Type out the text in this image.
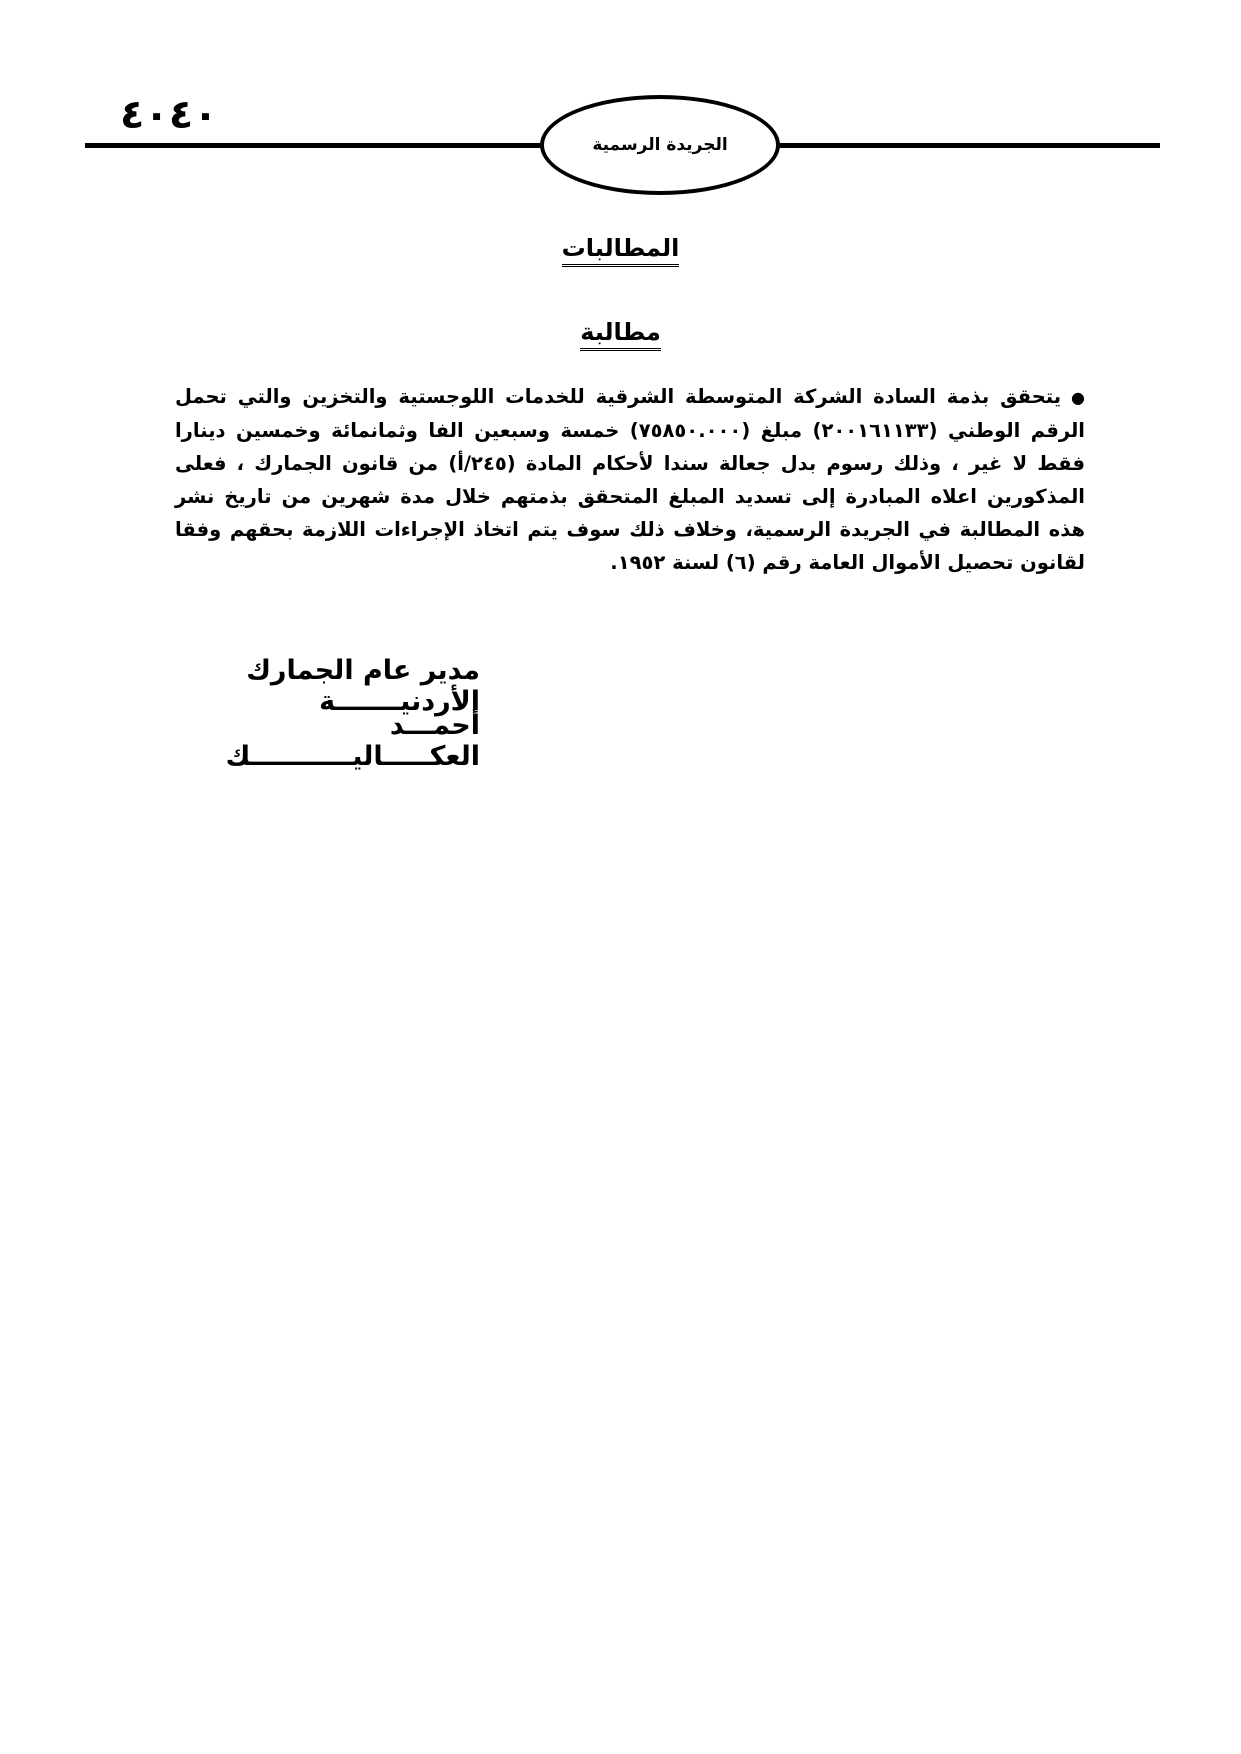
٤٠٤٠
الجريدة الرسمية
المطالبات
مطالبة
●يتحقق بذمة السادة الشركة المتوسطة الشرقية للخدمات اللوجستية والتخزين والتي تحمل الرقم الوطني (٢٠٠١٦١١٣٣) مبلغ (٧٥٨٥٠.٠٠٠) خمسة وسبعين الفا وثمانمائة وخمسين دينارا فقط لا غير ، وذلك رسوم بدل جعالة سندا لأحكام المادة (٢٤٥/أ) من قانون الجمارك ، فعلى المذكورين اعلاه المبادرة إلى تسديد المبلغ المتحقق بذمتهم خلال مدة شهرين من تاريخ نشر هذه المطالبة في الجريدة الرسمية، وخلاف ذلك سوف يتم اتخاذ الإجراءات اللازمة بحقهم وفقا لقانون تحصيل الأموال العامة رقم (٦) لسنة ١٩٥٢.
مدير عام الجمارك الأردنيـــــــة
أحمـــد العكـــــاليـــــــــــك
